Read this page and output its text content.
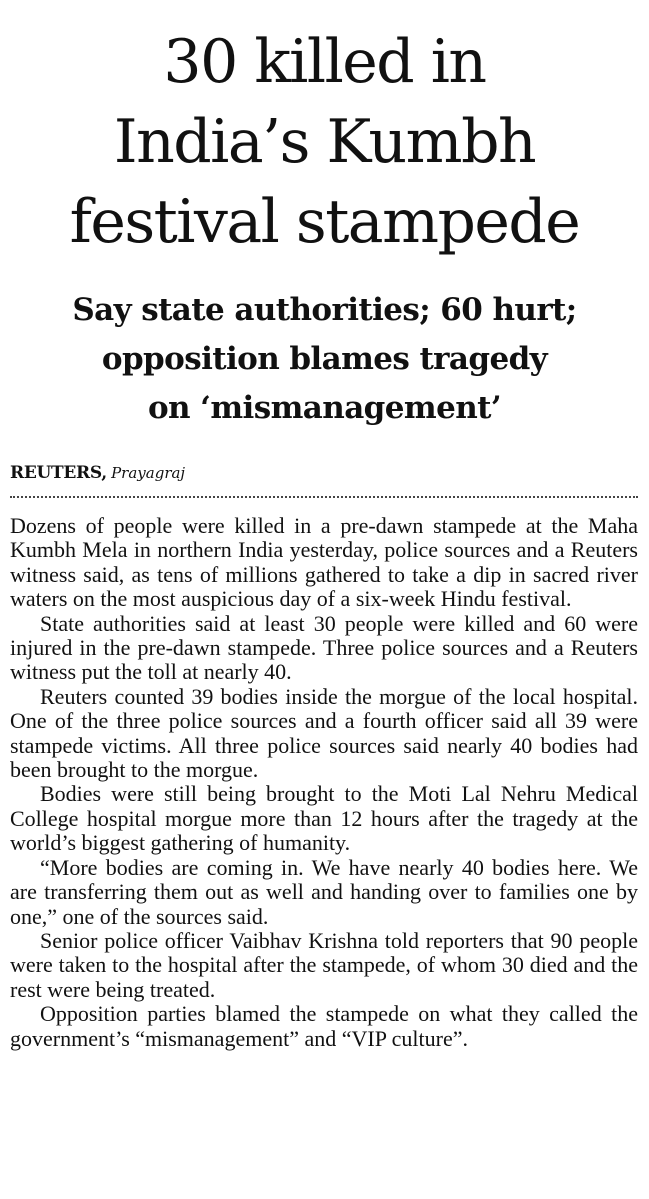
30 killed in
India’s Kumbh
festival stampede
Say state authorities; 60 hurt;
opposition blames tragedy
on ‘mismanagement’
REUTERS, Prayagraj

Dozens of people were killed in a pre-dawn stampede at the Maha Kumbh Mela in northern India yesterday, police sources and a Reuters witness said, as tens of millions gathered to take a dip in sacred river waters on the most auspicious day of a six-week Hindu festival.

State authorities said at least 30 people were killed and 60 were injured in the pre-dawn stampede. Three police sources and a Reuters witness put the toll at nearly 40.

Reuters counted 39 bodies inside the morgue of the local hospital. One of the three police sources and a fourth officer said all 39 were stampede victims. All three police sources said nearly 40 bodies had been brought to the morgue.

Bodies were still being brought to the Moti Lal Nehru Medical College hospital morgue more than 12 hours after the tragedy at the world’s biggest gathering of humanity.

“More bodies are coming in. We have nearly 40 bodies here. We are transferring them out as well and handing over to families one by one,” one of the sources said.

Senior police officer Vaibhav Krishna told reporters that 90 people were taken to the hospital after the stampede, of whom 30 died and the rest were being treated.

Opposition parties blamed the stampede on what they called the government’s “mismanagement” and “VIP culture”.
